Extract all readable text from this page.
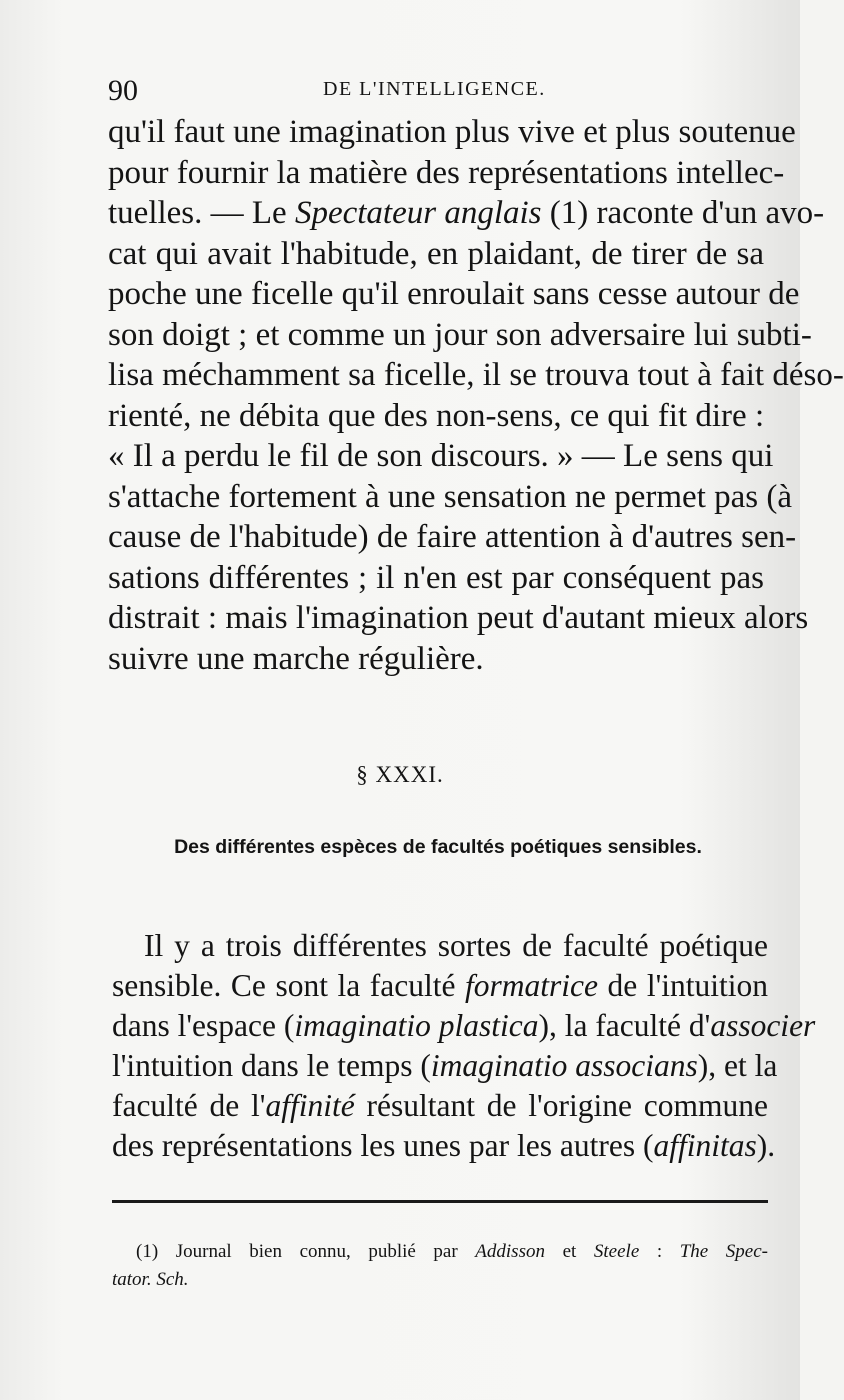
90	DE L'INTELLIGENCE.
qu'il faut une imagination plus vive et plus soutenue
pour fournir la matière des représentations intellec-
tuelles. — Le Spectateur anglais (1) raconte d'un avo-
cat qui avait l'habitude, en plaidant, de tirer de sa
poche une ficelle qu'il enroulait sans cesse autour de
son doigt ; et comme un jour son adversaire lui subti-
lisa méchamment sa ficelle, il se trouva tout à fait déso-
rienté, ne débita que des non-sens, ce qui fit dire :
« Il a perdu le fil de son discours. » — Le sens qui
s'attache fortement à une sensation ne permet pas (à
cause de l'habitude) de faire attention à d'autres sen-
sations différentes ; il n'en est par conséquent pas
distrait : mais l'imagination peut d'autant mieux alors
suivre une marche régulière.
§ XXXI.
Des différentes espèces de facultés poétiques sensibles.
Il y a trois différentes sortes de faculté poétique
sensible. Ce sont la faculté formatrice de l'intuition
dans l'espace (imaginatio plastica), la faculté d'associer
l'intuition dans le temps (imaginatio associans), et la
faculté de l'affinité résultant de l'origine commune
des représentations les unes par les autres (affinitas).
(1) Journal bien connu, publié par Addisson et Steele : The Spec-
tator. Sch.
